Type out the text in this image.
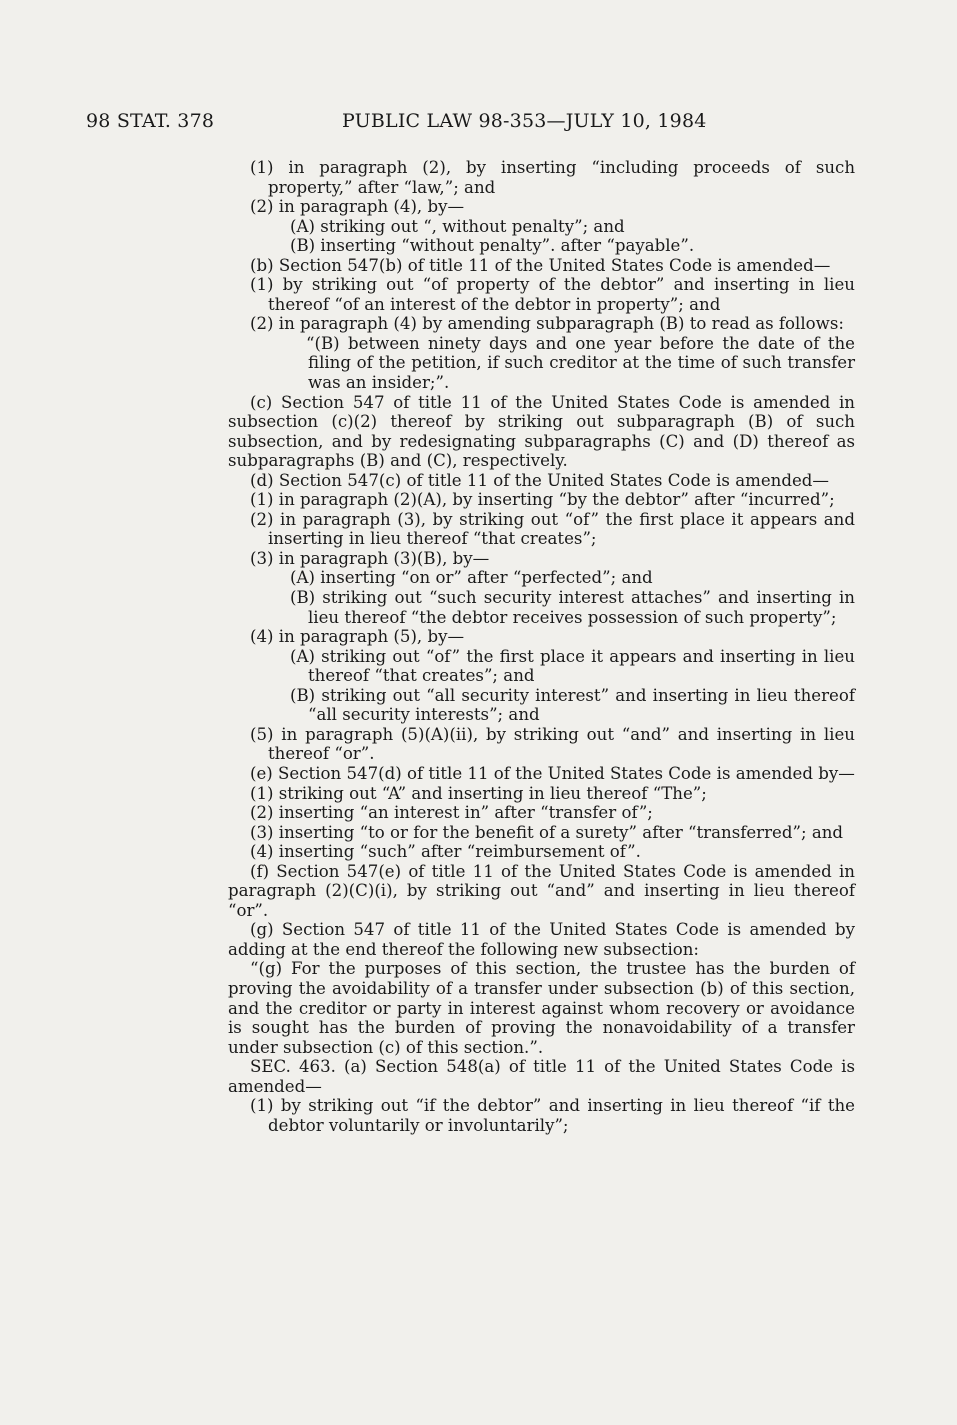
98 STAT. 378	PUBLIC LAW 98-353—JULY 10, 1984

(1) in paragraph (2), by inserting “including proceeds of such property,” after “law,”; and

(2) in paragraph (4), by—

(A) striking out “, without penalty”; and

(B) inserting “without penalty”. after “payable”.

(b) Section 547(b) of title 11 of the United States Code is amended—

(1) by striking out “of property of the debtor” and inserting in lieu thereof “of an interest of the debtor in property”; and

(2) in paragraph (4) by amending subparagraph (B) to read as follows:

“(B) between ninety days and one year before the date of the filing of the petition, if such creditor at the time of such transfer was an insider;”.

(c) Section 547 of title 11 of the United States Code is amended in subsection (c)(2) thereof by striking out subparagraph (B) of such subsection, and by redesignating subparagraphs (C) and (D) thereof as subparagraphs (B) and (C), respectively.

(d) Section 547(c) of title 11 of the United States Code is amended—

(1) in paragraph (2)(A), by inserting “by the debtor” after “incurred”;

(2) in paragraph (3), by striking out “of” the first place it appears and inserting in lieu thereof “that creates”;

(3) in paragraph (3)(B), by—

(A) inserting “on or” after “perfected”; and

(B) striking out “such security interest attaches” and inserting in lieu thereof “the debtor receives possession of such property”;

(4) in paragraph (5), by—

(A) striking out “of” the first place it appears and inserting in lieu thereof “that creates”; and

(B) striking out “all security interest” and inserting in lieu thereof “all security interests”; and

(5) in paragraph (5)(A)(ii), by striking out “and” and inserting in lieu thereof “or”.

(e) Section 547(d) of title 11 of the United States Code is amended by—

(1) striking out “A” and inserting in lieu thereof “The”;

(2) inserting “an interest in” after “transfer of”;

(3) inserting “to or for the benefit of a surety” after “transferred”; and

(4) inserting “such” after “reimbursement of”.

(f) Section 547(e) of title 11 of the United States Code is amended in paragraph (2)(C)(i), by striking out “and” and inserting in lieu thereof “or”.

(g) Section 547 of title 11 of the United States Code is amended by adding at the end thereof the following new subsection:

“(g) For the purposes of this section, the trustee has the burden of proving the avoidability of a transfer under subsection (b) of this section, and the creditor or party in interest against whom recovery or avoidance is sought has the burden of proving the nonavoidability of a transfer under subsection (c) of this section.”.

SEC. 463. (a) Section 548(a) of title 11 of the United States Code is amended—

(1) by striking out “if the debtor” and inserting in lieu thereof “if the debtor voluntarily or involuntarily”;
